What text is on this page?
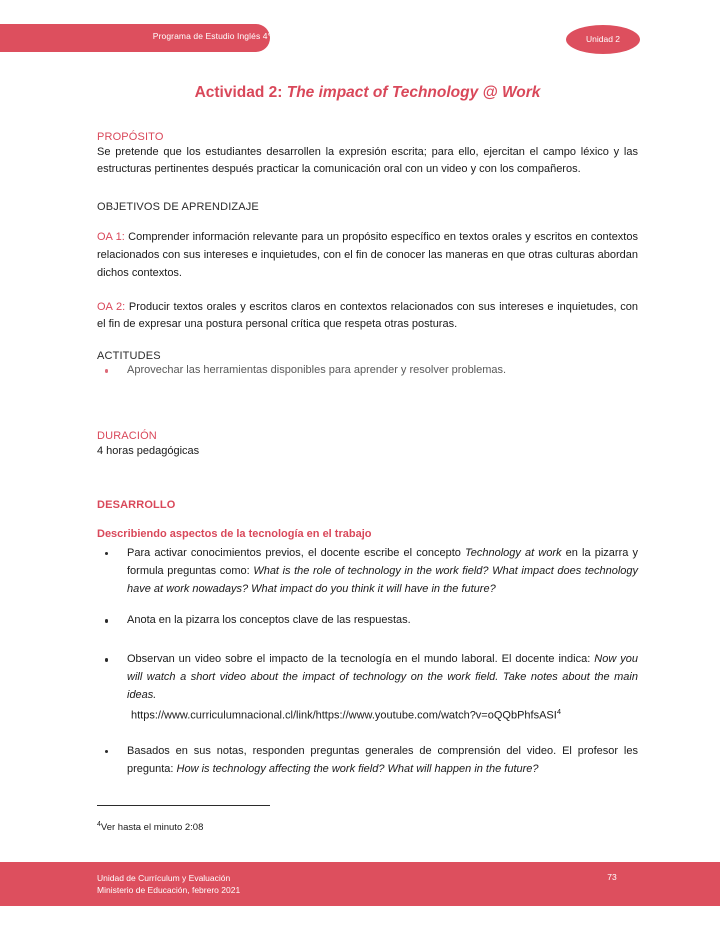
Programa de Estudio Inglés 4° Medio	Unidad 2
Actividad 2: The impact of Technology @ Work
PROPÓSITO

Se pretende que los estudiantes desarrollen la expresión escrita; para ello, ejercitan el campo léxico y las estructuras pertinentes después practicar la comunicación oral con un video y con los compañeros.

OBJETIVOS DE APRENDIZAJE

OA 1: Comprender información relevante para un propósito específico en textos orales y escritos en contextos relacionados con sus intereses e inquietudes, con el fin de conocer las maneras en que otras culturas abordan dichos contextos.

OA 2: Producir textos orales y escritos claros en contextos relacionados con sus intereses e inquietudes, con el fin de expresar una postura personal crítica que respeta otras posturas.

ACTITUDES
Aprovechar las herramientas disponibles para aprender y resolver problemas.
DURACIÓN

4 horas pedagógicas

DESARROLLO
Describiendo aspectos de la tecnología en el trabajo
Para activar conocimientos previos, el docente escribe el concepto Technology at work en la pizarra y formula preguntas como: What is the role of technology in the work field? What impact does technology have at work nowadays? What impact do you think it will have in the future?
Anota en la pizarra los conceptos clave de las respuestas.
Observan un video sobre el impacto de la tecnología en el mundo laboral. El docente indica: Now you will watch a short video about the impact of technology on the work field. Take notes about the main ideas.
https://www.curriculumnacional.cl/link/https://www.youtube.com/watch?v=oQQbPhfsASI$^4$
Basados en sus notas, responden preguntas generales de comprensión del video. El profesor les pregunta: How is technology affecting the work field? What will happen in the future?
$^4$Ver hasta el minuto 2:08
Unidad de Currículum y Evaluación
Ministerio de Educación, febrero 2021
73
